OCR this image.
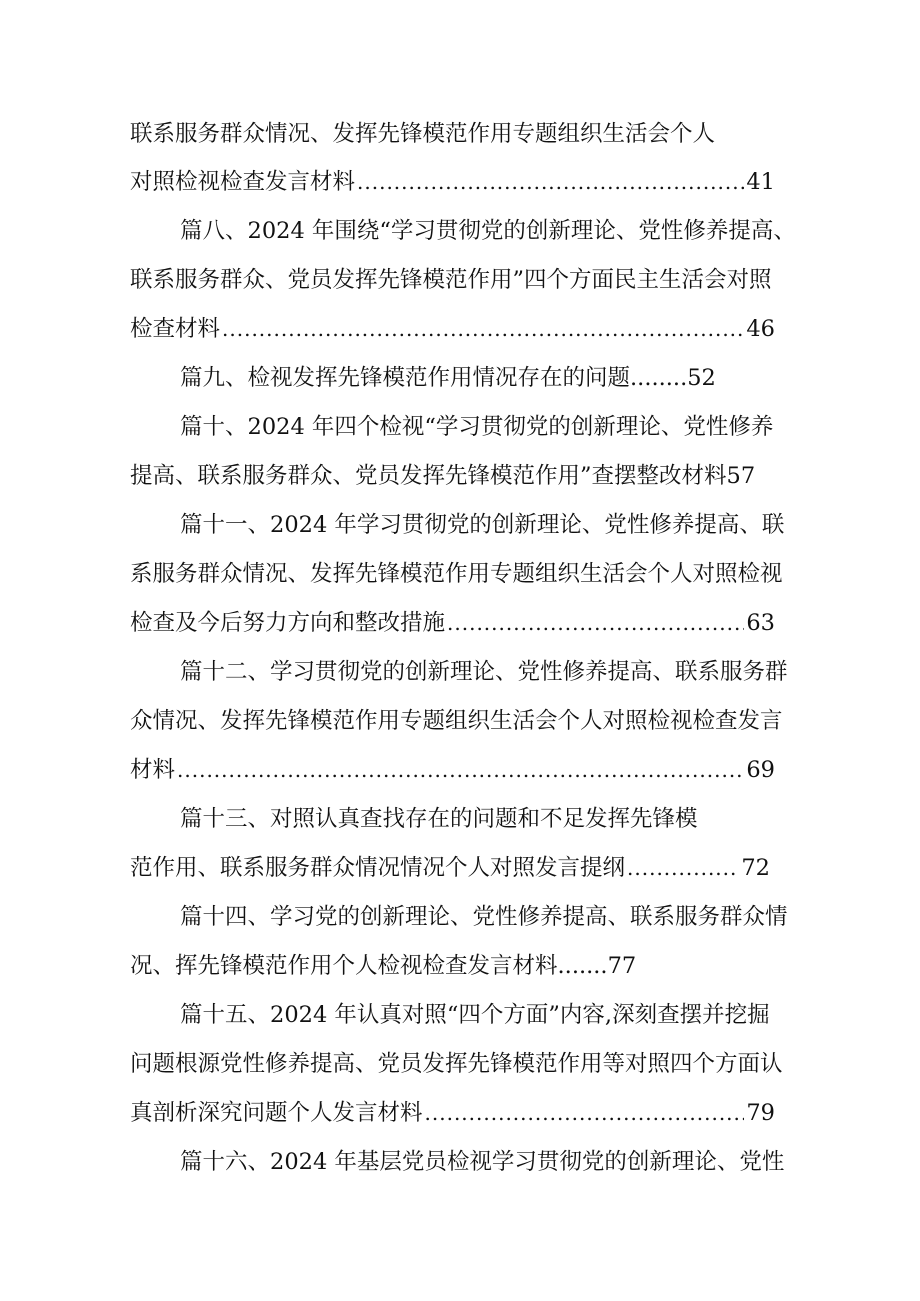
联系服务群众情况、发挥先锋模范作用专题组织生活会个人
对照检视检查发言材料 .....	41
篇八、2024 年围绕“学习贯彻党的创新理论、党性修养提高、
联系服务群众、党员发挥先锋模范作用”四个方面民主生活会对照
检查材料 .....	46
篇九、检视发挥先锋模范作用情况存在的问题........52
篇十、2024 年四个检视“学习贯彻党的创新理论、党性修养
提高、联系服务群众、党员发挥先锋模范作用”查摆整改材料57
篇十一、2024 年学习贯彻党的创新理论、党性修养提高、联
系服务群众情况、发挥先锋模范作用专题组织生活会个人对照检视
检查及今后努力方向和整改措施 .....	63
篇十二、学习贯彻党的创新理论、党性修养提高、联系服务群
众情况、发挥先锋模范作用专题组织生活会个人对照检视检查发言
材料 .....	69
篇十三、对照认真查找存在的问题和不足发挥先锋模
范作用、联系服务群众情况情况个人对照发言提纲 .....	72
篇十四、学习党的创新理论、党性修养提高、联系服务群众情
况、挥先锋模范作用个人检视检查发言材料.......77
篇十五、2024 年认真对照“四个方面”内容,深刻查摆并挖掘
问题根源党性修养提高、党员发挥先锋模范作用等对照四个方面认
真剖析深究问题个人发言材料 .....	79
篇十六、2024 年基层党员检视学习贯彻党的创新理论、党性
